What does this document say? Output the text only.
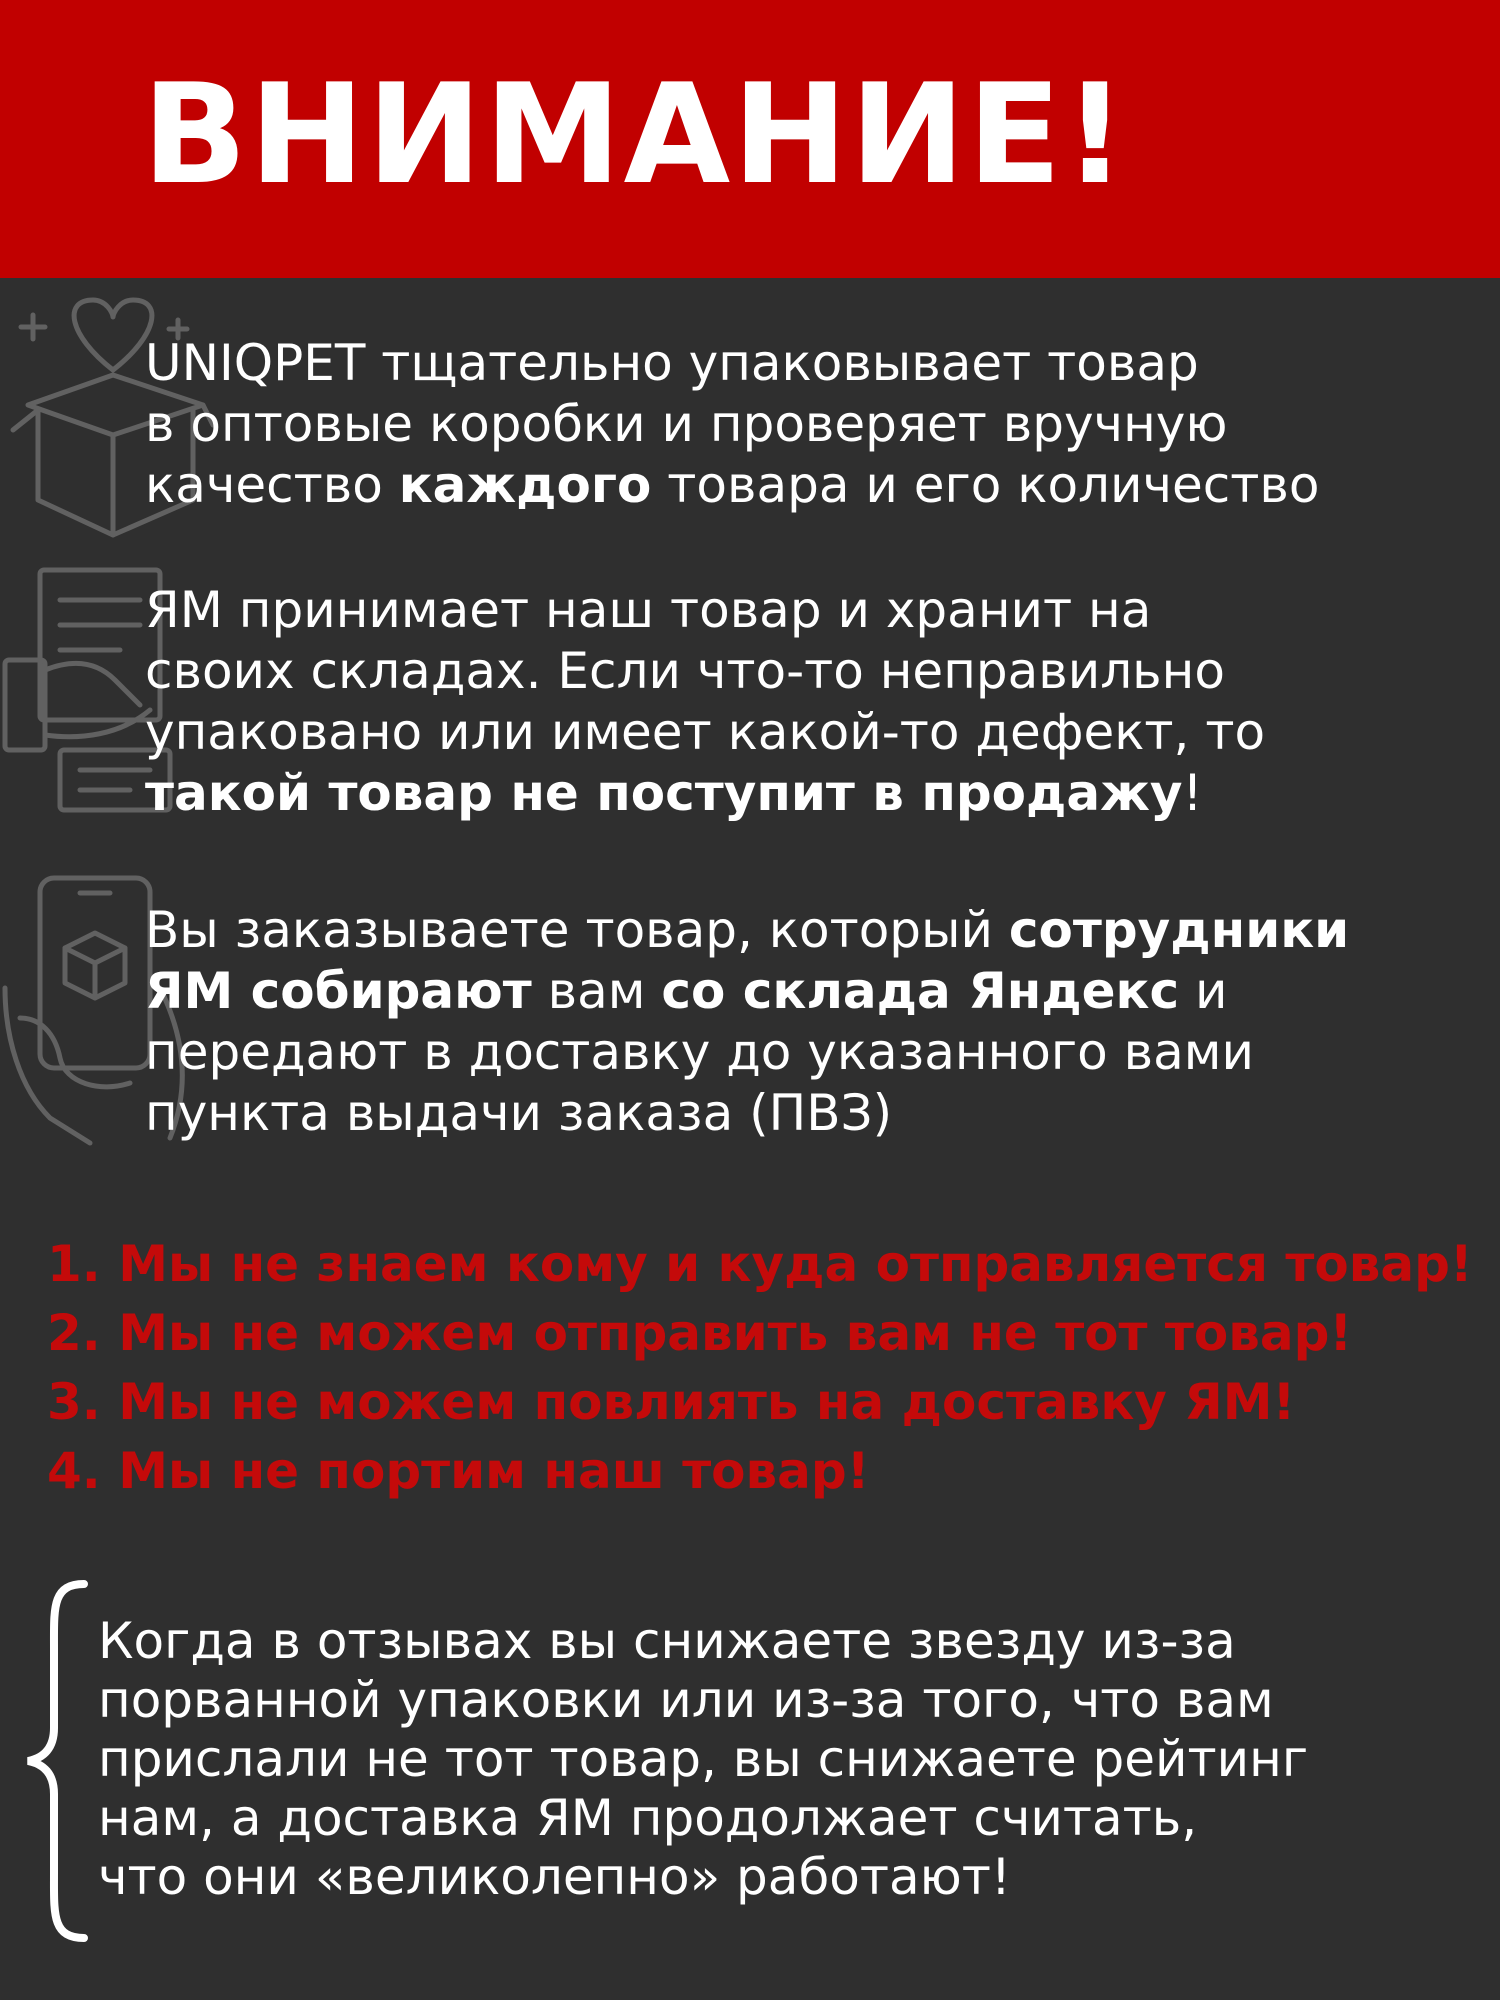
ВНИМАНИЕ!
UNIQPET тщательно упаковывает товар
в оптовые коробки и проверяет вручную
качество каждого товара и его количество
ЯМ принимает наш товар и хранит на
своих складах. Если что-то неправильно
упаковано или имеет какой-то дефект, то
такой товар не поступит в продажу!
Вы заказываете товар, который сотрудники
ЯМ собирают вам со склада Яндекс и
передают в доставку до указанного вами
пункта выдачи заказа (ПВЗ)
1. Мы не знаем кому и куда отправляется товар!
2. Мы не можем отправить вам не тот товар!
3. Мы не можем повлиять на доставку ЯМ!
4. Мы не портим наш товар!
Когда в отзывах вы снижаете звезду из-за
порванной упаковки или из-за того, что вам
прислали не тот товар, вы снижаете рейтинг
нам, а доставка ЯМ продолжает считать,
что они «великолепно» работают!
